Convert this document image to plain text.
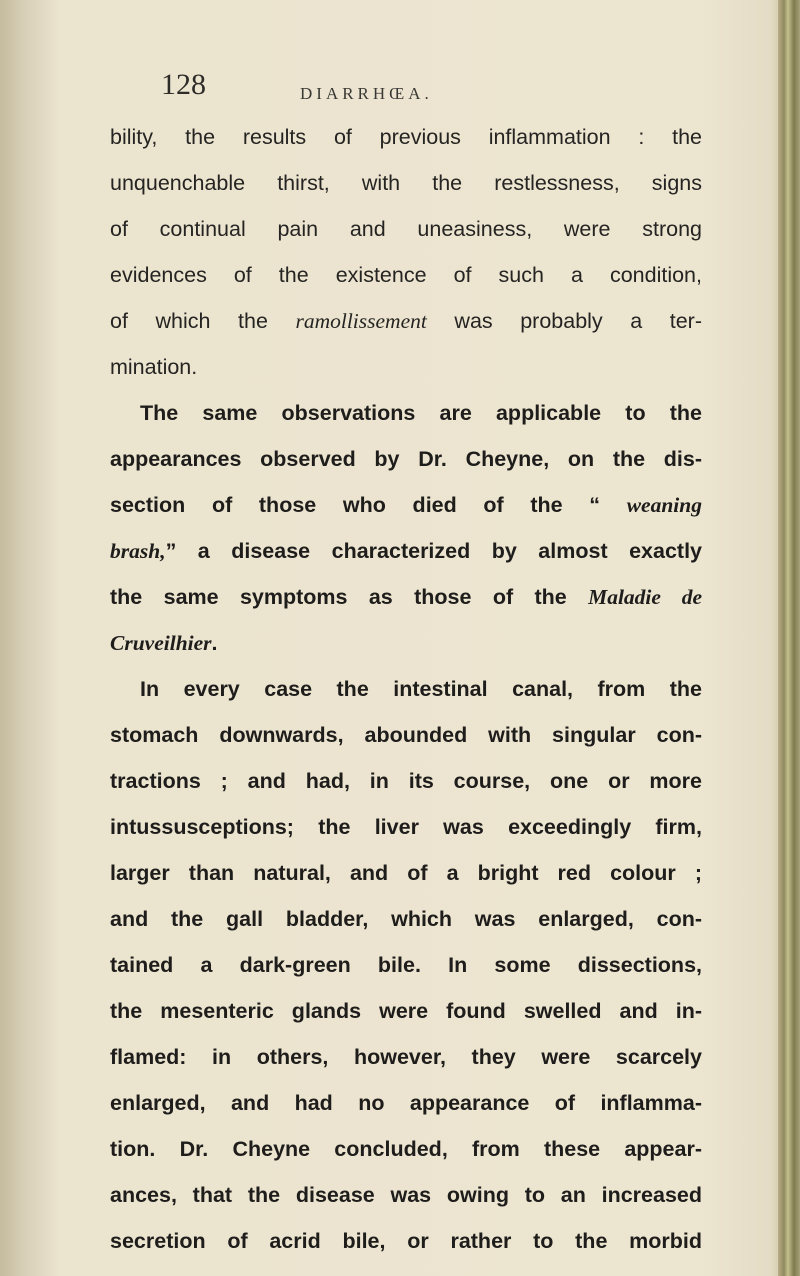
128	DIARRHŒA.

bility, the results of previous inflammation : the
unquenchable thirst, with the restlessness, signs
of continual pain and uneasiness, were strong
evidences of the existence of such a condition,
of which the ramollissement was probably a ter-
mination.
The same observations are applicable to the
appearances observed by Dr. Cheyne, on the dis-
section of those who died of the “ weaning
brash,” a disease characterized by almost exactly
the same symptoms as those of the Maladie de
Cruveilhier.
In every case the intestinal canal, from the
stomach downwards, abounded with singular con-
tractions ; and had, in its course, one or more
intussusceptions; the liver was exceedingly firm,
larger than natural, and of a bright red colour ;
and the gall bladder, which was enlarged, con-
tained a dark-green bile. In some dissections,
the mesenteric glands were found swelled and in-
flamed: in others, however, they were scarcely
enlarged, and had no appearance of inflamma-
tion. Dr. Cheyne concluded, from these appear-
ances, that the disease was owing to an increased
secretion of acrid bile, or rather to the morbid
